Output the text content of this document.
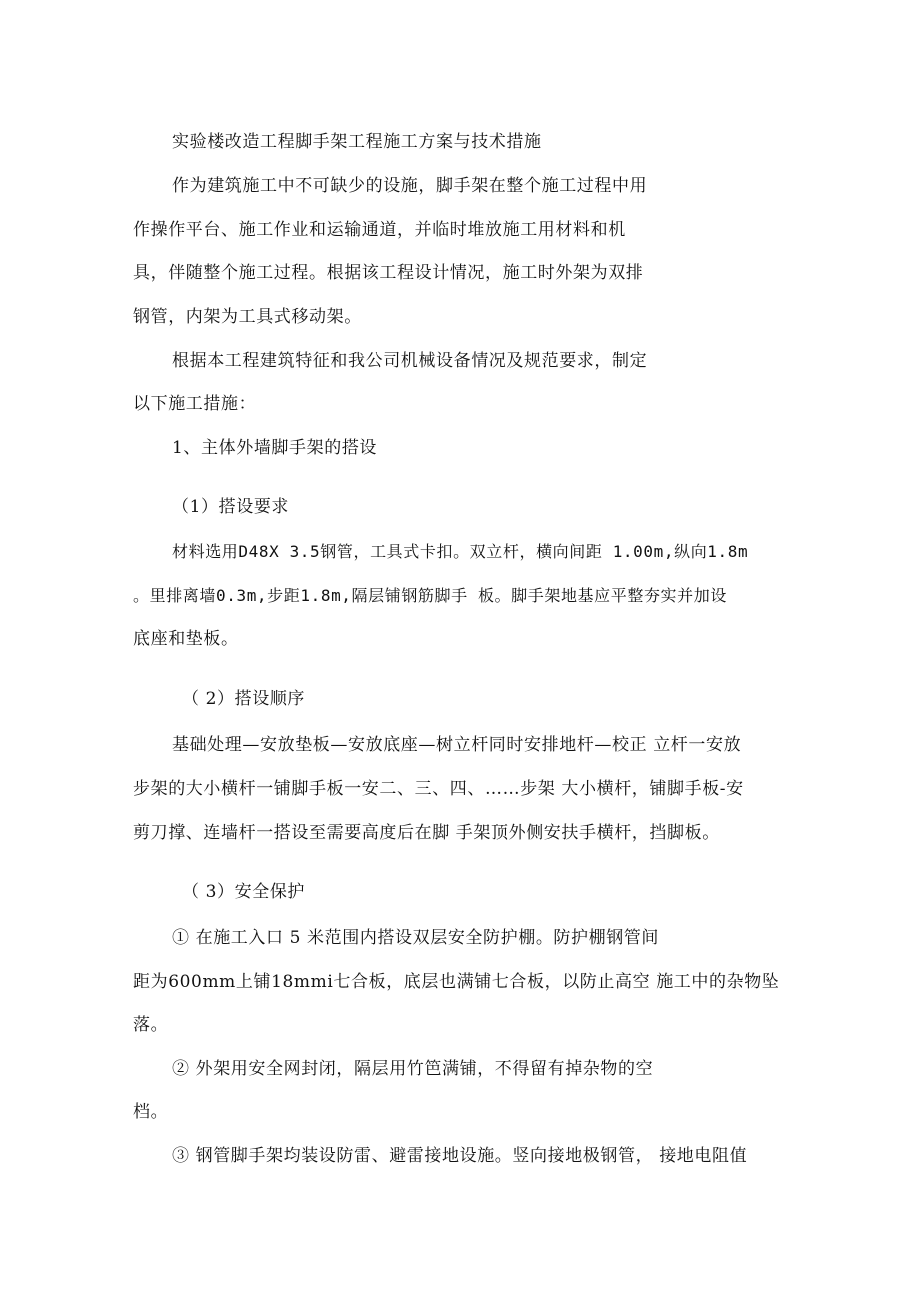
实验楼改造工程脚手架工程施工方案与技术措施
作为建筑施工中不可缺少的设施，脚手架在整个施工过程中用
作操作平台、施工作业和运输通道，并临时堆放施工用材料和机
具，伴随整个施工过程。根据该工程设计情况，施工时外架为双排
钢管，内架为工具式移动架。
根据本工程建筑特征和我公司机械设备情况及规范要求，制定
以下施工措施：
1、主体外墙脚手架的搭设
（1）搭设要求
材料选用D48X 3.5钢管，工具式卡扣。双立杆，横向间距 1.00m,纵向1.8m
。里排离墙0.3m,步距1.8m,隔层铺钢筋脚手 板。脚手架地基应平整夯实并加设
底座和垫板。
（ 2）搭设顺序
基础处理—安放垫板—安放底座—树立杆同时安排地杆—校正 立杆一安放
步架的大小横杆一铺脚手板一安二、三、四、……步架 大小横杆，铺脚手板-安
剪刀撑、连墙杆一搭设至需要高度后在脚 手架顶外侧安扶手横杆，挡脚板。
（ 3）安全保护
① 在施工入口 5 米范围内搭设双层安全防护棚。防护棚钢管间
距为600mm上铺18mmi七合板，底层也满铺七合板，以防止高空 施工中的杂物坠
落。
② 外架用安全网封闭，隔层用竹笆满铺，不得留有掉杂物的空
档。
③ 钢管脚手架均装设防雷、避雷接地设施。竖向接地极钢管， 接地电阻值
